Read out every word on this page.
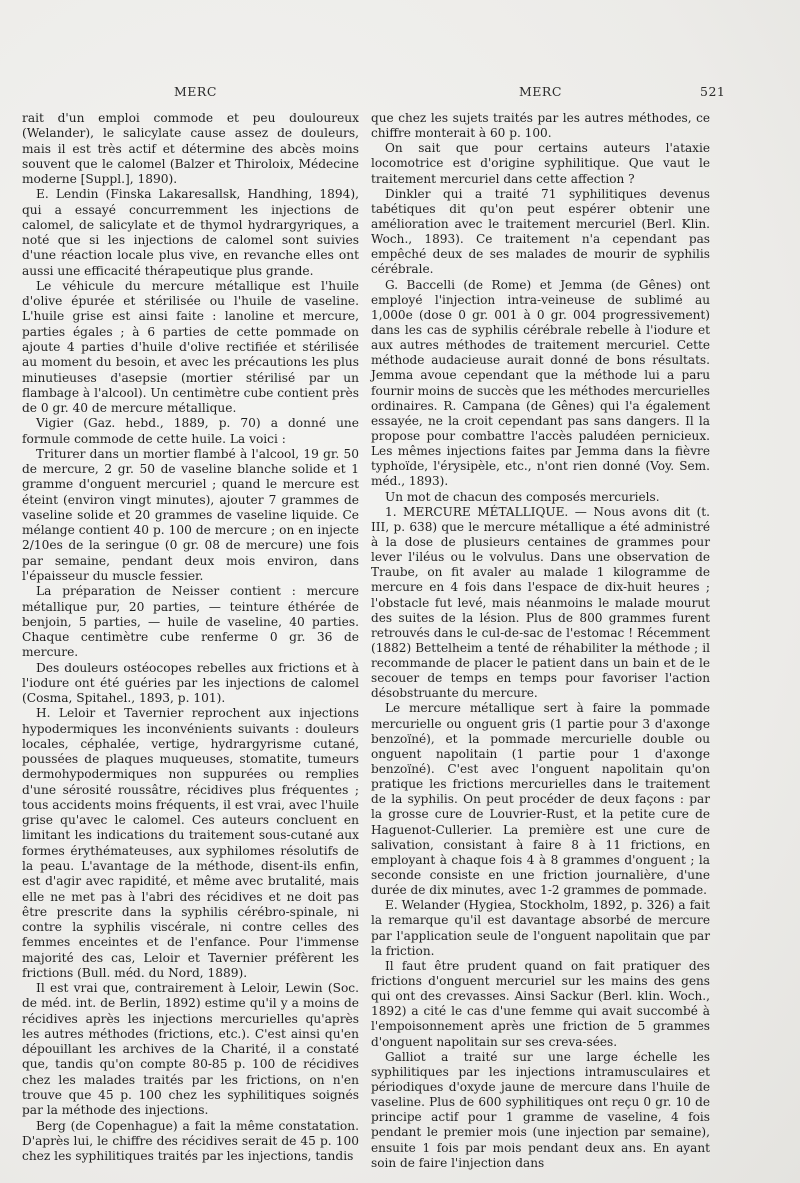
MERC	MERC	521

rait d'un emploi commode et peu douloureux (Welander), le salicylate cause assez de douleurs, mais il est très actif et détermine des abcès moins souvent que le calomel (Balzer et Thiroloix, Médecine moderne [Suppl.], 1890).

E. Lendin (Finska Lakaresallsk, Handhing, 1894), qui a essayé concurremment les injections de calomel, de salicylate et de thymol hydrargyriques, a noté que si les injections de calomel sont suivies d'une réaction locale plus vive, en revanche elles ont aussi une efficacité thérapeutique plus grande.

Le véhicule du mercure métallique est l'huile d'olive épurée et stérilisée ou l'huile de vaseline. L'huile grise est ainsi faite : lanoline et mercure, parties égales ; à 6 parties de cette pommade on ajoute 4 parties d'huile d'olive rectifiée et stérilisée au moment du besoin, et avec les précautions les plus minutieuses d'asepsie (mortier stérilisé par un flambage à l'alcool). Un centimètre cube contient près de 0 gr. 40 de mercure métallique.

Vigier (Gaz. hebd., 1889, p. 70) a donné une formule commode de cette huile. La voici :

Triturer dans un mortier flambé à l'alcool, 19 gr. 50 de mercure, 2 gr. 50 de vaseline blanche solide et 1 gramme d'onguent mercuriel ; quand le mercure est éteint (environ vingt minutes), ajouter 7 grammes de vaseline solide et 20 grammes de vaseline liquide. Ce mélange contient 40 p. 100 de mercure ; on en injecte 2/10es de la seringue (0 gr. 08 de mercure) une fois par semaine, pendant deux mois environ, dans l'épaisseur du muscle fessier.

La préparation de Neisser contient : mercure métallique pur, 20 parties, — teinture éthérée de benjoin, 5 parties, — huile de vaseline, 40 parties. Chaque centimètre cube renferme 0 gr. 36 de mercure.

Des douleurs ostéocopes rebelles aux frictions et à l'iodure ont été guéries par les injections de calomel (Cosma, Spitahel., 1893, p. 101).

H. Leloir et Tavernier reprochent aux injections hypodermiques les inconvénients suivants : douleurs locales, céphalée, vertige, hydrargyrisme cutané, poussées de plaques muqueuses, stomatite, tumeurs dermohypodermiques non suppurées ou remplies d'une sérosité roussâtre, récidives plus fréquentes ; tous accidents moins fréquents, il est vrai, avec l'huile grise qu'avec le calomel. Ces auteurs concluent en limitant les indications du traitement sous-cutané aux formes érythémateuses, aux syphilomes résolutifs de la peau. L'avantage de la méthode, disent-ils enfin, est d'agir avec rapidité, et même avec brutalité, mais elle ne met pas à l'abri des récidives et ne doit pas être prescrite dans la syphilis cérébro-spinale, ni contre la syphilis viscérale, ni contre celles des femmes enceintes et de l'enfance. Pour l'immense majorité des cas, Leloir et Tavernier préfèrent les frictions (Bull. méd. du Nord, 1889).

Il est vrai que, contrairement à Leloir, Lewin (Soc. de méd. int. de Berlin, 1892) estime qu'il y a moins de récidives après les injections mercurielles qu'après les autres méthodes (frictions, etc.). C'est ainsi qu'en dépouillant les archives de la Charité, il a constaté que, tandis qu'on compte 80-85 p. 100 de récidives chez les malades traités par les frictions, on n'en trouve que 45 p. 100 chez les syphilitiques soignés par la méthode des injections.

Berg (de Copenhague) a fait la même constatation. D'après lui, le chiffre des récidives serait de 45 p. 100 chez les syphilitiques traités par les injections, tandis

que chez les sujets traités par les autres méthodes, ce chiffre monterait à 60 p. 100.

On sait que pour certains auteurs l'ataxie locomotrice est d'origine syphilitique. Que vaut le traitement mercuriel dans cette affection ?

Dinkler qui a traité 71 syphilitiques devenus tabétiques dit qu'on peut espérer obtenir une amélioration avec le traitement mercuriel (Berl. Klin. Woch., 1893). Ce traitement n'a cependant pas empêché deux de ses malades de mourir de syphilis cérébrale.

G. Baccelli (de Rome) et Jemma (de Gênes) ont employé l'injection intra-veineuse de sublimé au 1,000e (dose 0 gr. 001 à 0 gr. 004 progressivement) dans les cas de syphilis cérébrale rebelle à l'iodure et aux autres méthodes de traitement mercuriel. Cette méthode audacieuse aurait donné de bons résultats. Jemma avoue cependant que la méthode lui a paru fournir moins de succès que les méthodes mercurielles ordinaires. R. Campana (de Gênes) qui l'a également essayée, ne la croit cependant pas sans dangers. Il la propose pour combattre l'accès paludéen pernicieux. Les mêmes injections faites par Jemma dans la fièvre typhoïde, l'érysipèle, etc., n'ont rien donné (Voy. Sem. méd., 1893).

Un mot de chacun des composés mercuriels.

1. MERCURE MÉTALLIQUE. — Nous avons dit (t. III, p. 638) que le mercure métallique a été administré à la dose de plusieurs centaines de grammes pour lever l'iléus ou le volvulus. Dans une observation de Traube, on fit avaler au malade 1 kilogramme de mercure en 4 fois dans l'espace de dix-huit heures ; l'obstacle fut levé, mais néanmoins le malade mourut des suites de la lésion. Plus de 800 grammes furent retrouvés dans le cul-de-sac de l'estomac ! Récemment (1882) Bettelheim a tenté de réhabiliter la méthode ; il recommande de placer le patient dans un bain et de le secouer de temps en temps pour favoriser l'action désobstruante du mercure.

Le mercure métallique sert à faire la pommade mercurielle ou onguent gris (1 partie pour 3 d'axonge benzoïné), et la pommade mercurielle double ou onguent napolitain (1 partie pour 1 d'axonge benzoïné). C'est avec l'onguent napolitain qu'on pratique les frictions mercurielles dans le traitement de la syphilis. On peut procéder de deux façons : par la grosse cure de Louvrier-Rust, et la petite cure de Haguenot-Cullerier. La première est une cure de salivation, consistant à faire 8 à 11 frictions, en employant à chaque fois 4 à 8 grammes d'onguent ; la seconde consiste en une friction journalière, d'une durée de dix minutes, avec 1-2 grammes de pommade.

E. Welander (Hygiea, Stockholm, 1892, p. 326) a fait la remarque qu'il est davantage absorbé de mercure par l'application seule de l'onguent napolitain que par la friction.

Il faut être prudent quand on fait pratiquer des frictions d'onguent mercuriel sur les mains des gens qui ont des crevasses. Ainsi Sackur (Berl. klin. Woch., 1892) a cité le cas d'une femme qui avait succombé à l'empoisonnement après une friction de 5 grammes d'onguent napolitain sur ses creva-sées.

Galliot a traité sur une large échelle les syphilitiques par les injections intramusculaires et périodiques d'oxyde jaune de mercure dans l'huile de vaseline. Plus de 600 syphilitiques ont reçu 0 gr. 10 de principe actif pour 1 gramme de vaseline, 4 fois pendant le premier mois (une injection par semaine), ensuite 1 fois par mois pendant deux ans. En ayant soin de faire l'injection dans
